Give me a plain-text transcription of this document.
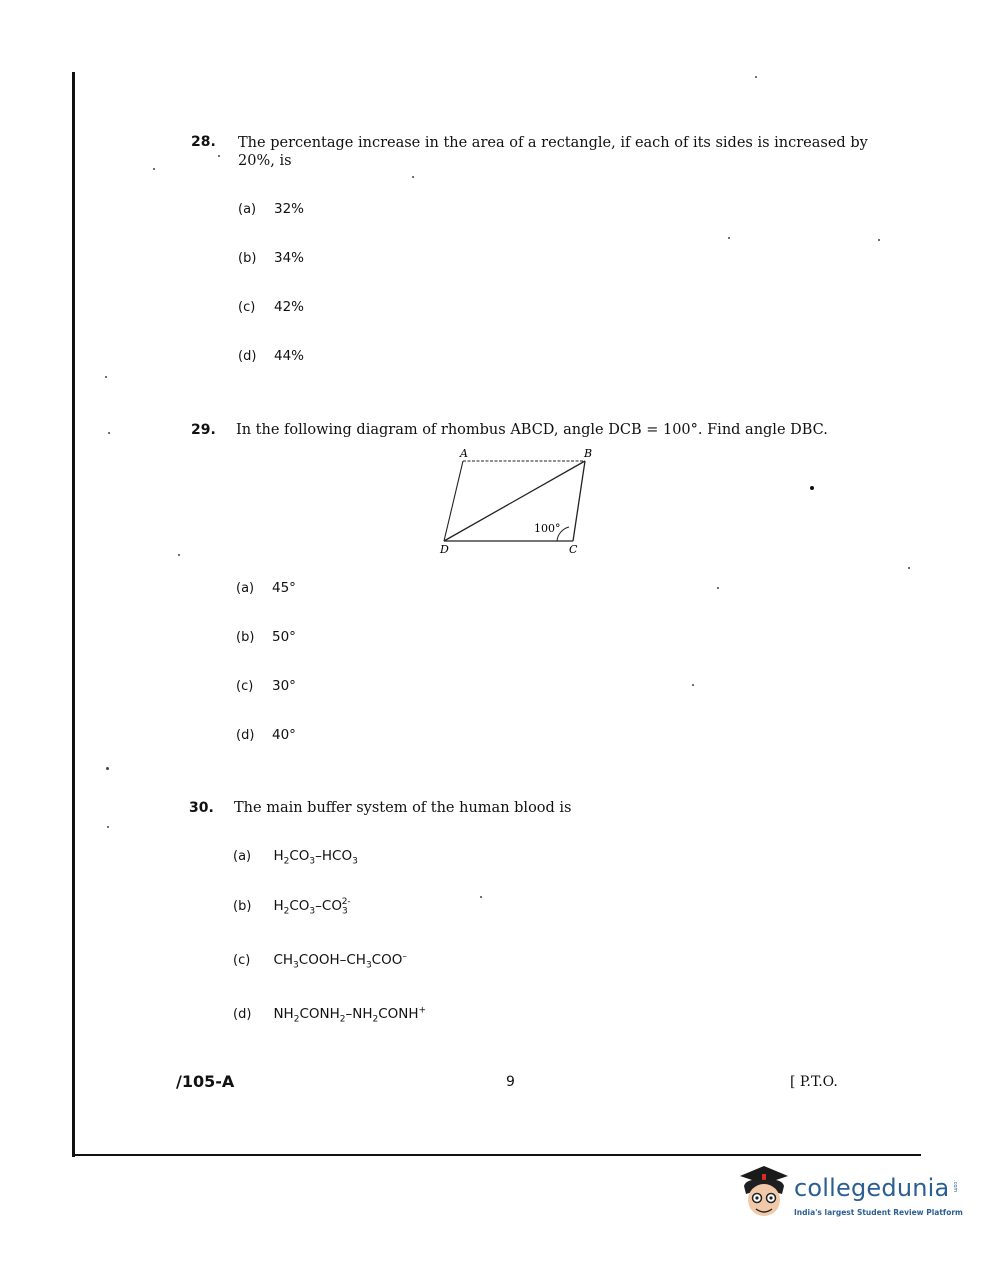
28. The percentage increase in the area of a rectangle, if each of its sides is increased by
20%, is
(a) 32%
(b) 34%
(c) 42%
(d) 44%
29. In the following diagram of rhombus ABCD, angle DCB = 100°. Find angle DBC.
A	B
C
D
100°
(a) 45°
(b) 50°
(c) 30°
(d) 40°
30. The main buffer system of the human blood is
(a) $H_2CO_3-HCO_3$
(b) $H_2CO_3-CO_3^{2-}$
(c) $CH_3COOH-CH_3COO^-$
(d) $NH_2CONH_2-NH_2CONH^+$
/105-A	9	[ P.T.O.
collegedunia .com
India's largest Student Review Platform
